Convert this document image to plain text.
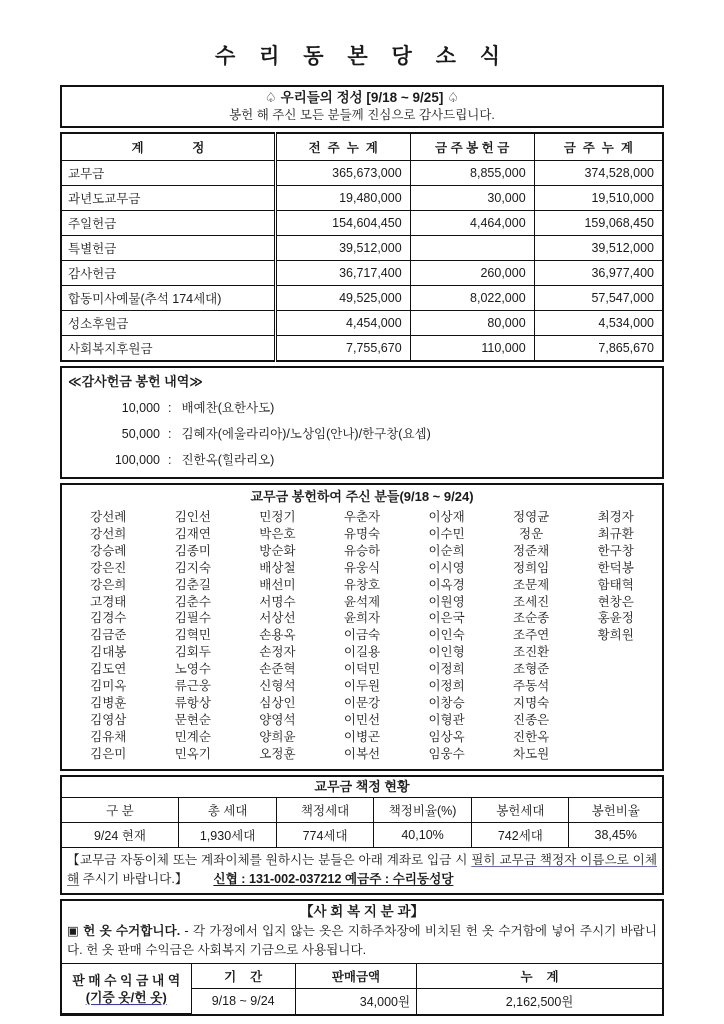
수 리 동 본 당 소 식
♤ 우리들의 정성 [9/18 ~ 9/25] ♤
봉헌 해 주신 모든 분들께 진심으로 감사드립니다.
계              정	전  주  누  계	금 주 봉 헌 금	금  주  누  계
교무금	365,673,000	8,855,000	374,528,000
과년도교무금	19,480,000	30,000	19,510,000
주일헌금	154,604,450	4,464,000	159,068,450
특별헌금	39,512,000		39,512,000
감사헌금	36,717,400	260,000	36,977,400
합동미사예물(추석 174세대)	49,525,000	8,022,000	57,547,000
성소후원금	4,454,000	80,000	4,534,000
사회복지후원금	7,755,670	110,000	7,865,670
≪감사헌금 봉헌 내역≫
10,000 : 배예찬(요한사도)
50,000 : 김혜자(에울라리아)/노상임(안나)/한구창(요셉)
100,000 : 진한옥(힐라리오)
교무금 봉헌하여 주신 분들(9/18 ~ 9/24)
강선례	김인선	민정기	우춘자	이상재	정영균	최경자
강선희	김재연	박은호	유명숙	이수민	정운	최규환
강승례	김종미	방순화	유승하	이순희	정준채	한구창
강은진	김지숙	배상철	유웅식	이시영	정희임	한덕봉
강은희	김춘길	배선미	유창호	이옥경	조문제	함태혁
고경태	김춘수	서명수	윤석제	이원영	조세진	현창은
김경수	김필수	서상선	윤희자	이은국	조순종	홍윤정
김금준	김혁민	손용옥	이금숙	이인숙	조주연	황희원
김대봉	김회두	손정자	이길용	이인형	조진환
김도연	노영수	손준혁	이덕민	이정희	조형준
김미옥	류근웅	신형석	이두원	이정희	주동석
김병훈	류항상	심상인	이문강	이창승	지명숙
김영삼	문현순	양영석	이민선	이형관	진종은
김유채	민계순	양희윤	이병곤	임상옥	진한옥
김은미	민옥기	오정훈	이복선	임웅수	차도원
교무금 책정 현황
구 분	총 세대	책정세대	책정비율(%)	봉헌세대	봉헌비율
9/24 현재	1,930세대	774세대	40,10%	742세대	38,45%
【교무금 자동이체 또는 계좌이체를 원하시는 분들은 아래 계좌로 입금 시 필히 교무금 책정자 이름으로 이체해 주시기 바랍니다.】 신협 : 131-002-037212 예금주 : 수리동성당
【사 회 복 지 분 과】
▣ 헌 옷 수거합니다. - 각 가정에서 입지 않는 옷은 지하주차장에 비치된 헌 옷 수거함에 넣어 주시기 바랍니다. 헌 옷 판매 수익금은 사회복지 기금으로 사용됩니다.
판 매 수 익 금 내 역
(기증 옷/헌 옷)	기    간	판매금액	누    계
	9/18 ~ 9/24	34,000원	2,162,500원
